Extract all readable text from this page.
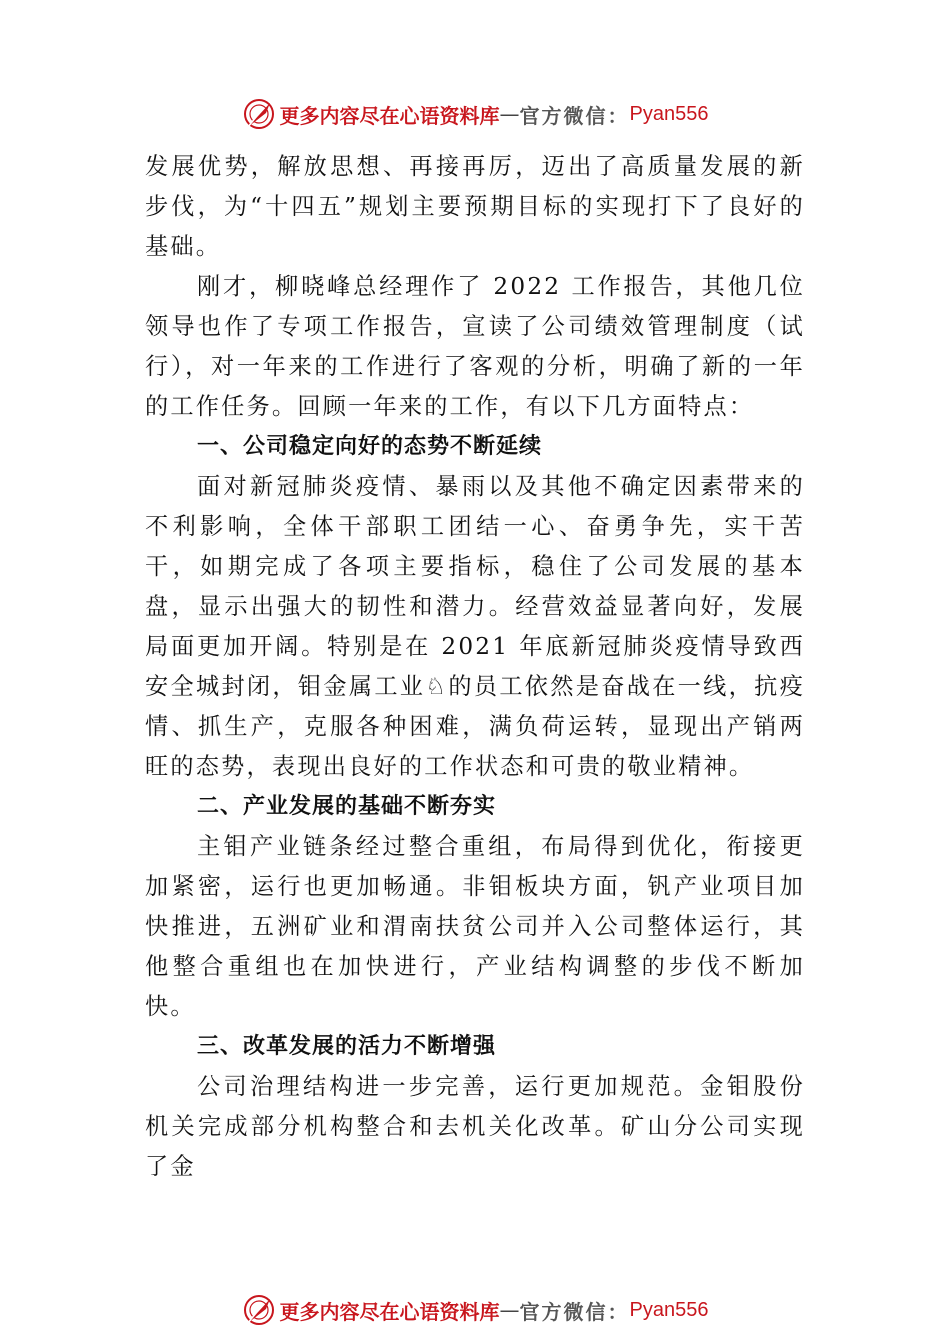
更多内容尽在心语资料库 — 官方微信： Pyan556

发展优势，解放思想、再接再厉，迈出了高质量发展的新步伐，为“十四五”规划主要预期目标的实现打下了良好的基础。

刚才，柳晓峰总经理作了 2022 工作报告，其他几位领导也作了专项工作报告，宣读了公司绩效管理制度（试行），对一年来的工作进行了客观的分析，明确了新的一年的工作任务。回顾一年来的工作，有以下几方面特点：

一、公司稳定向好的态势不断延续

面对新冠肺炎疫情、暴雨以及其他不确定因素带来的不利影响，全体干部职工团结一心、奋勇争先，实干苦干，如期完成了各项主要指标，稳住了公司发展的基本盘，显示出强大的韧性和潜力。经营效益显著向好，发展局面更加开阔。特别是在 2021 年底新冠肺炎疫情导致西安全城封闭，钼金属工业♘的员工依然是奋战在一线，抗疫情、抓生产，克服各种困难，满负荷运转，显现出产销两旺的态势，表现出良好的工作状态和可贵的敬业精神。

二、产业发展的基础不断夯实

主钼产业链条经过整合重组，布局得到优化，衔接更加紧密，运行也更加畅通。非钼板块方面，钒产业项目加快推进，五洲矿业和渭南扶贫公司并入公司整体运行，其他整合重组也在加快进行，产业结构调整的步伐不断加快。

三、改革发展的活力不断增强

公司治理结构进一步完善，运行更加规范。金钼股份机关完成部分机构整合和去机关化改革。矿山分公司实现了金

更多内容尽在心语资料库 — 官方微信： Pyan556
